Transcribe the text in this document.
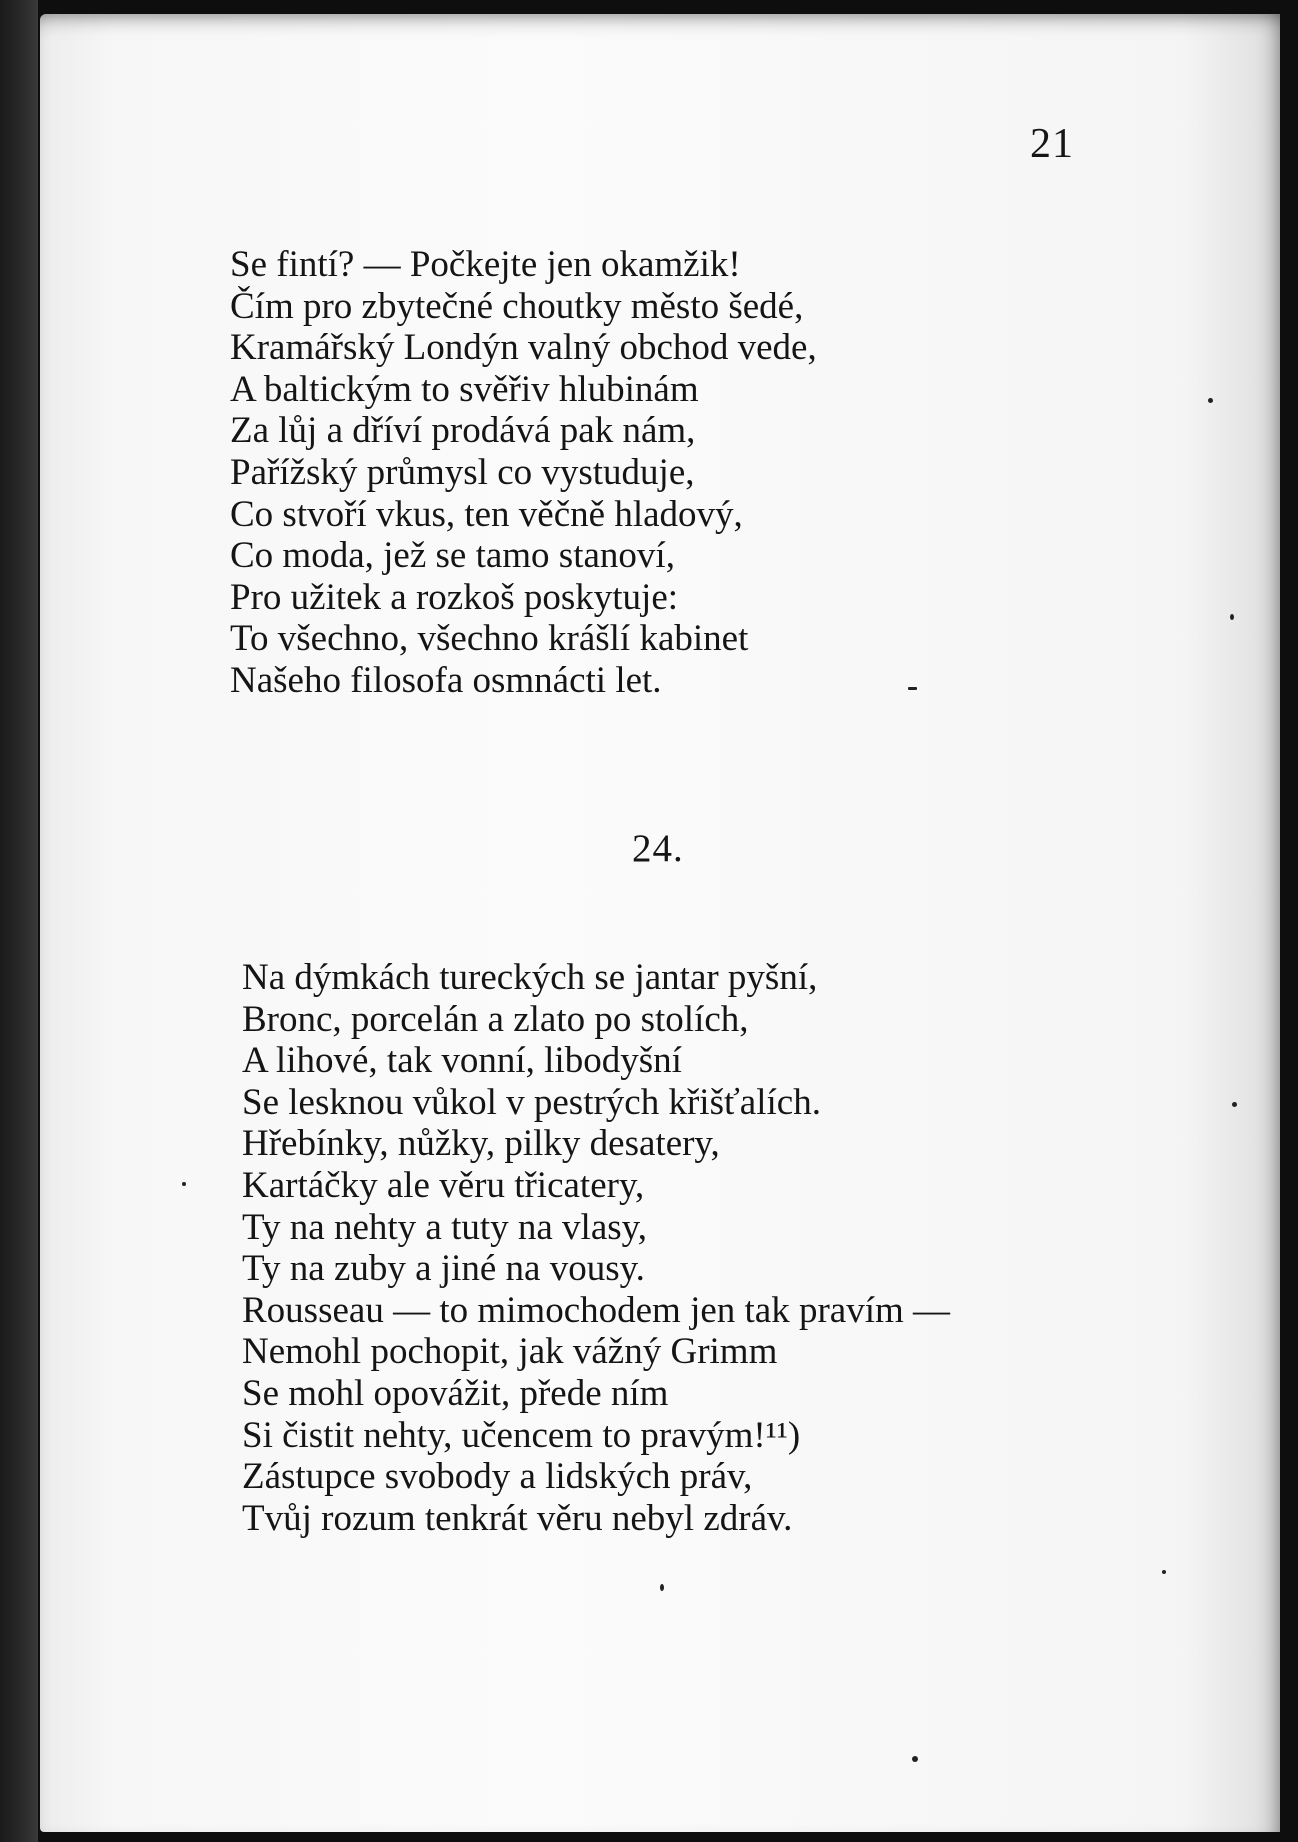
21
Se fintí? — Počkejte jen okamžik!
Čím pro zbytečné choutky město šedé,
Kramářský Londýn valný obchod vede,
A baltickým to svěřiv hlubinám
Za lůj a dříví prodává pak nám,
Pařížský průmysl co vystuduje,
Co stvoří vkus, ten věčně hladový,
Co moda, jež se tamo stanoví,
Pro užitek a rozkoš poskytuje:
To všechno, všechno krášlí kabinet
Našeho filosofa osmnácti let.
24.
Na dýmkách tureckých se jantar pyšní,
Bronc, porcelán a zlato po stolích,
A lihové, tak vonní, libodyšní
Se lesknou vůkol v pestrých křišťalích.
Hřebínky, nůžky, pilky desatery,
Kartáčky ale věru třicatery,
Ty na nehty a tuty na vlasy,
Ty na zuby a jiné na vousy.
Rousseau — to mimochodem jen tak pravím —
Nemohl pochopit, jak vážný Grimm
Se mohl opovážit, přede ním
Si čistit nehty, učencem to pravým!¹¹)
Zástupce svobody a lidských práv,
Tvůj rozum tenkrát věru nebyl zdráv.
